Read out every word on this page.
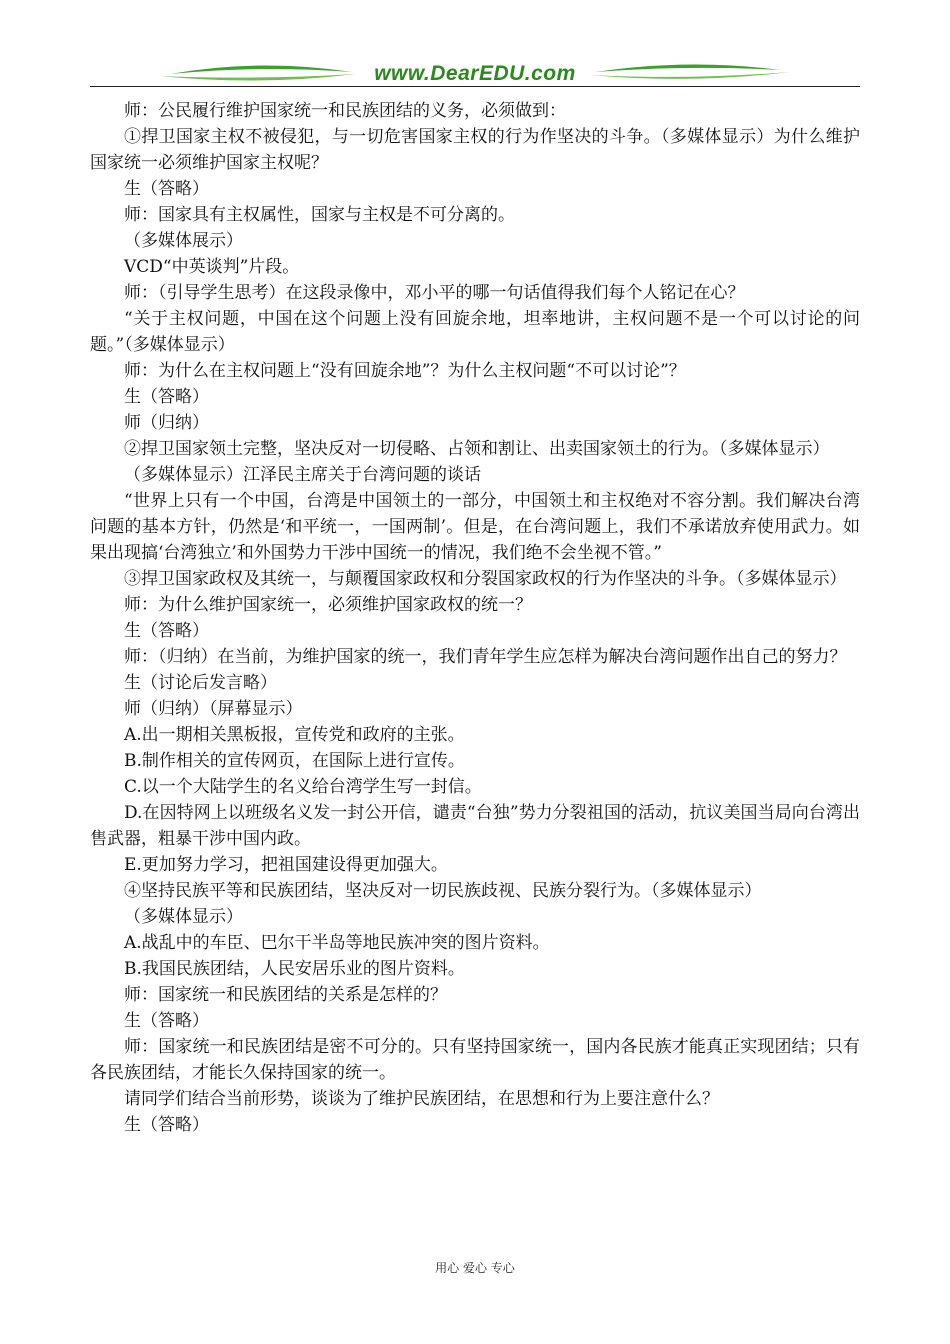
www.DearEDU.com

师：公民履行维护国家统一和民族团结的义务，必须做到：

①捍卫国家主权不被侵犯，与一切危害国家主权的行为作坚决的斗争。（多媒体显示）为什么维护国家统一必须维护国家主权呢？

生（答略）

师：国家具有主权属性，国家与主权是不可分离的。

（多媒体展示）

VCD“中英谈判”片段。

师：（引导学生思考）在这段录像中，邓小平的哪一句话值得我们每个人铭记在心？

“关于主权问题，中国在这个问题上没有回旋余地，坦率地讲，主权问题不是一个可以讨论的问题。”（多媒体显示）

师：为什么在主权问题上“没有回旋余地”？为什么主权问题“不可以讨论”？

生（答略）

师（归纳）

②捍卫国家领土完整，坚决反对一切侵略、占领和割让、出卖国家领土的行为。（多媒体显示）

（多媒体显示）江泽民主席关于台湾问题的谈话

“世界上只有一个中国，台湾是中国领土的一部分，中国领土和主权绝对不容分割。我们解决台湾问题的基本方针，仍然是‘和平统一，一国两制’。但是，在台湾问题上，我们不承诺放弃使用武力。如果出现搞‘台湾独立’和外国势力干涉中国统一的情况，我们绝不会坐视不管。”

③捍卫国家政权及其统一，与颠覆国家政权和分裂国家政权的行为作坚决的斗争。（多媒体显示）

师：为什么维护国家统一，必须维护国家政权的统一？

生（答略）

师：（归纳）在当前，为维护国家的统一，我们青年学生应怎样为解决台湾问题作出自己的努力？

生（讨论后发言略）

师（归纳）（屏幕显示）

A.出一期相关黑板报，宣传党和政府的主张。

B.制作相关的宣传网页，在国际上进行宣传。

C.以一个大陆学生的名义给台湾学生写一封信。

D.在因特网上以班级名义发一封公开信，谴责“台独”势力分裂祖国的活动，抗议美国当局向台湾出售武器，粗暴干涉中国内政。

E.更加努力学习，把祖国建设得更加强大。

④坚持民族平等和民族团结，坚决反对一切民族歧视、民族分裂行为。（多媒体显示）

（多媒体显示）

A.战乱中的车臣、巴尔干半岛等地民族冲突的图片资料。

B.我国民族团结，人民安居乐业的图片资料。

师：国家统一和民族团结的关系是怎样的？

生（答略）

师：国家统一和民族团结是密不可分的。只有坚持国家统一，国内各民族才能真正实现团结；只有各民族团结，才能长久保持国家的统一。

请同学们结合当前形势，谈谈为了维护民族团结，在思想和行为上要注意什么？

生（答略）

用心 爱心 专心
